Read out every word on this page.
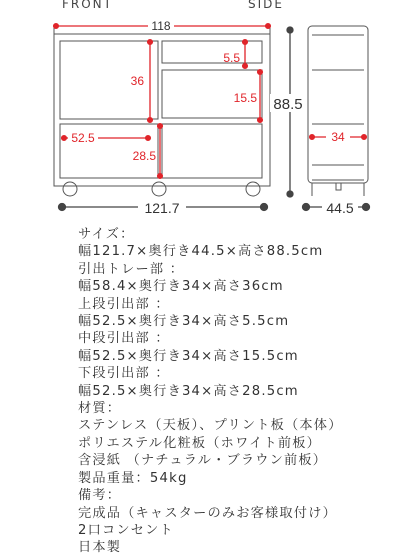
FRONT	SIDE
118
5.5
36
15.5 88.5
52.5
28.5
34
121.7	44.5
サイズ：
幅121.7×奥行き44.5×高さ88.5cm
引出トレー部 ：
幅58.4×奥行き34×高さ36cm
上段引出部 ：
幅52.5×奥行き34×高さ5.5cm
中段引出部 ：
幅52.5×奥行き34×高さ15.5cm
下段引出部 ：
幅52.5×奥行き34×高さ28.5cm
材質：
ステンレス（天板）、プリント板（本体）
ポリエステル化粧板（ホワイト前板）
含浸紙 （ナチュラル・ブラウン前板）
製品重量：54kg
備考：
完成品（キャスターのみお客様取付け）
2口コンセント
日本製
